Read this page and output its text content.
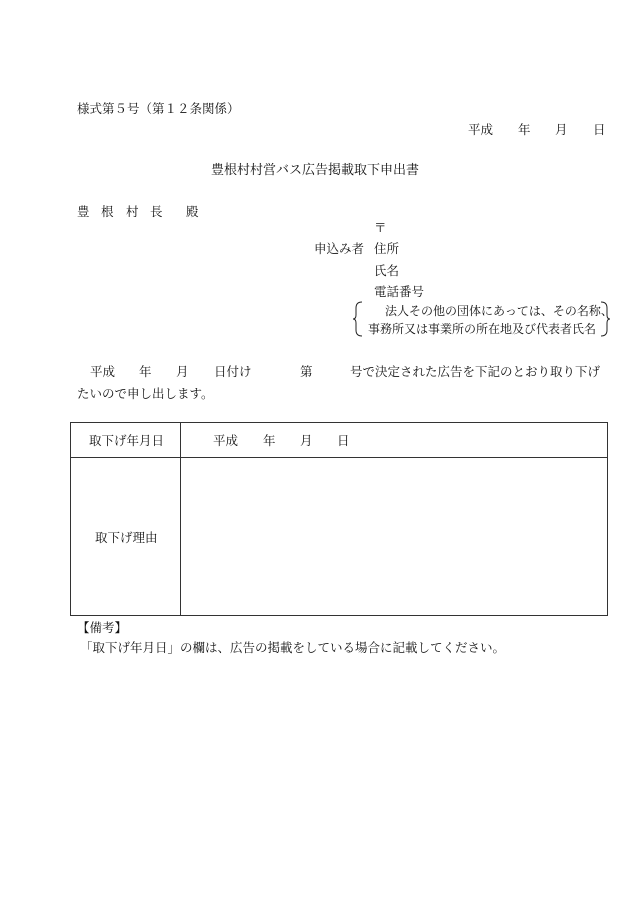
様式第５号（第１２条関係）
平成 年 月 日
豊根村村営バス広告掲載取下申出書
豊 根 村 長 殿
〒
申込み者 住所
氏名
電話番号
法人その他の団体にあっては、その名称、
事務所又は事業所の所在地及び代表者氏名
平成 年 月 日付け	第	号で決定された広告を下記のとおり取り下げ
たいので申し出します。
取下げ年月日	平成 年 月 日
取下げ理由
【備考】
「取下げ年月日」の欄は、広告の掲載をしている場合に記載してください。
